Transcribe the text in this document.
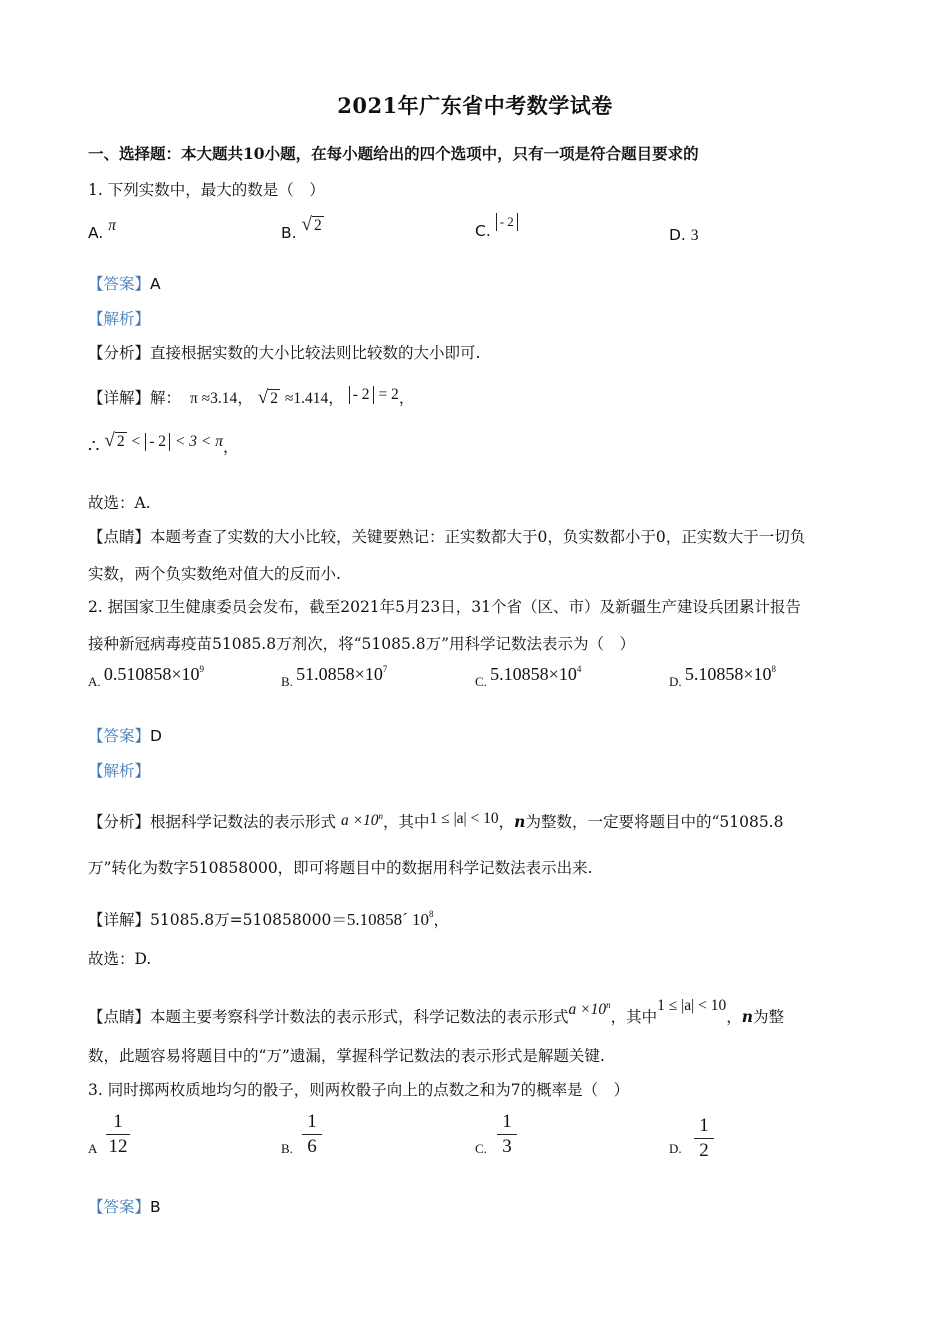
2021年广东省中考数学试卷
一、选择题：本大题共10小题，在每小题给出的四个选项中，只有一项是符合题目要求的
1. 下列实数中，最大的数是（　）
A. π	B. √ 2	C. - 2
D. 3
【答案】A
【解析】
【分析】直接根据实数的大小比较法则比较数的大小即可.
【详解】解： π ≈3.14， √ 2 ≈1.414， - 2 = 2，
∴ √ 2 < - 2 < 3 < π，
故选：A.
【点睛】本题考查了实数的大小比较，关键要熟记：正实数都大于0，负实数都小于0，正实数大于一切负
实数，两个负实数绝对值大的反而小.
2. 据国家卫生健康委员会发布，截至2021年5月23日，31个省（区、市）及新疆生产建设兵团累计报告
接种新冠病毒疫苗51085.8万剂次，将“51085.8万”用科学记数法表示为（　）
A. $0.510858\times 10^9$
B. $51.0858\times 10^7$
C. $5.10858\times 10^4$
D. $5.10858\times 10^8$
【答案】D
【解析】
【分析】根据科学记数法的表示形式 $a \times 10^n$，其中1 ≤ |a| < 10，n为整数，一定要将题目中的“51085.8
万”转化为数字510858000，即可将题目中的数据用科学记数法表示出来.
【详解】51085.8万=510858000＝5.10858´ $10^8$，
故选：D.
【点睛】本题主要考察科学计数法的表示形式，科学记数法的表示形式$a \times 10^n$，其中1 ≤ |a| < 10，n为整
数，此题容易将题目中的“万”遗漏，掌握科学记数法的表示形式是解题关键.
3. 同时掷两枚质地均匀的骰子，则两枚骰子向上的点数之和为7的概率是（　）
A
1
12	B.
1
6	C.
1
3	D.
1
2
【答案】B
